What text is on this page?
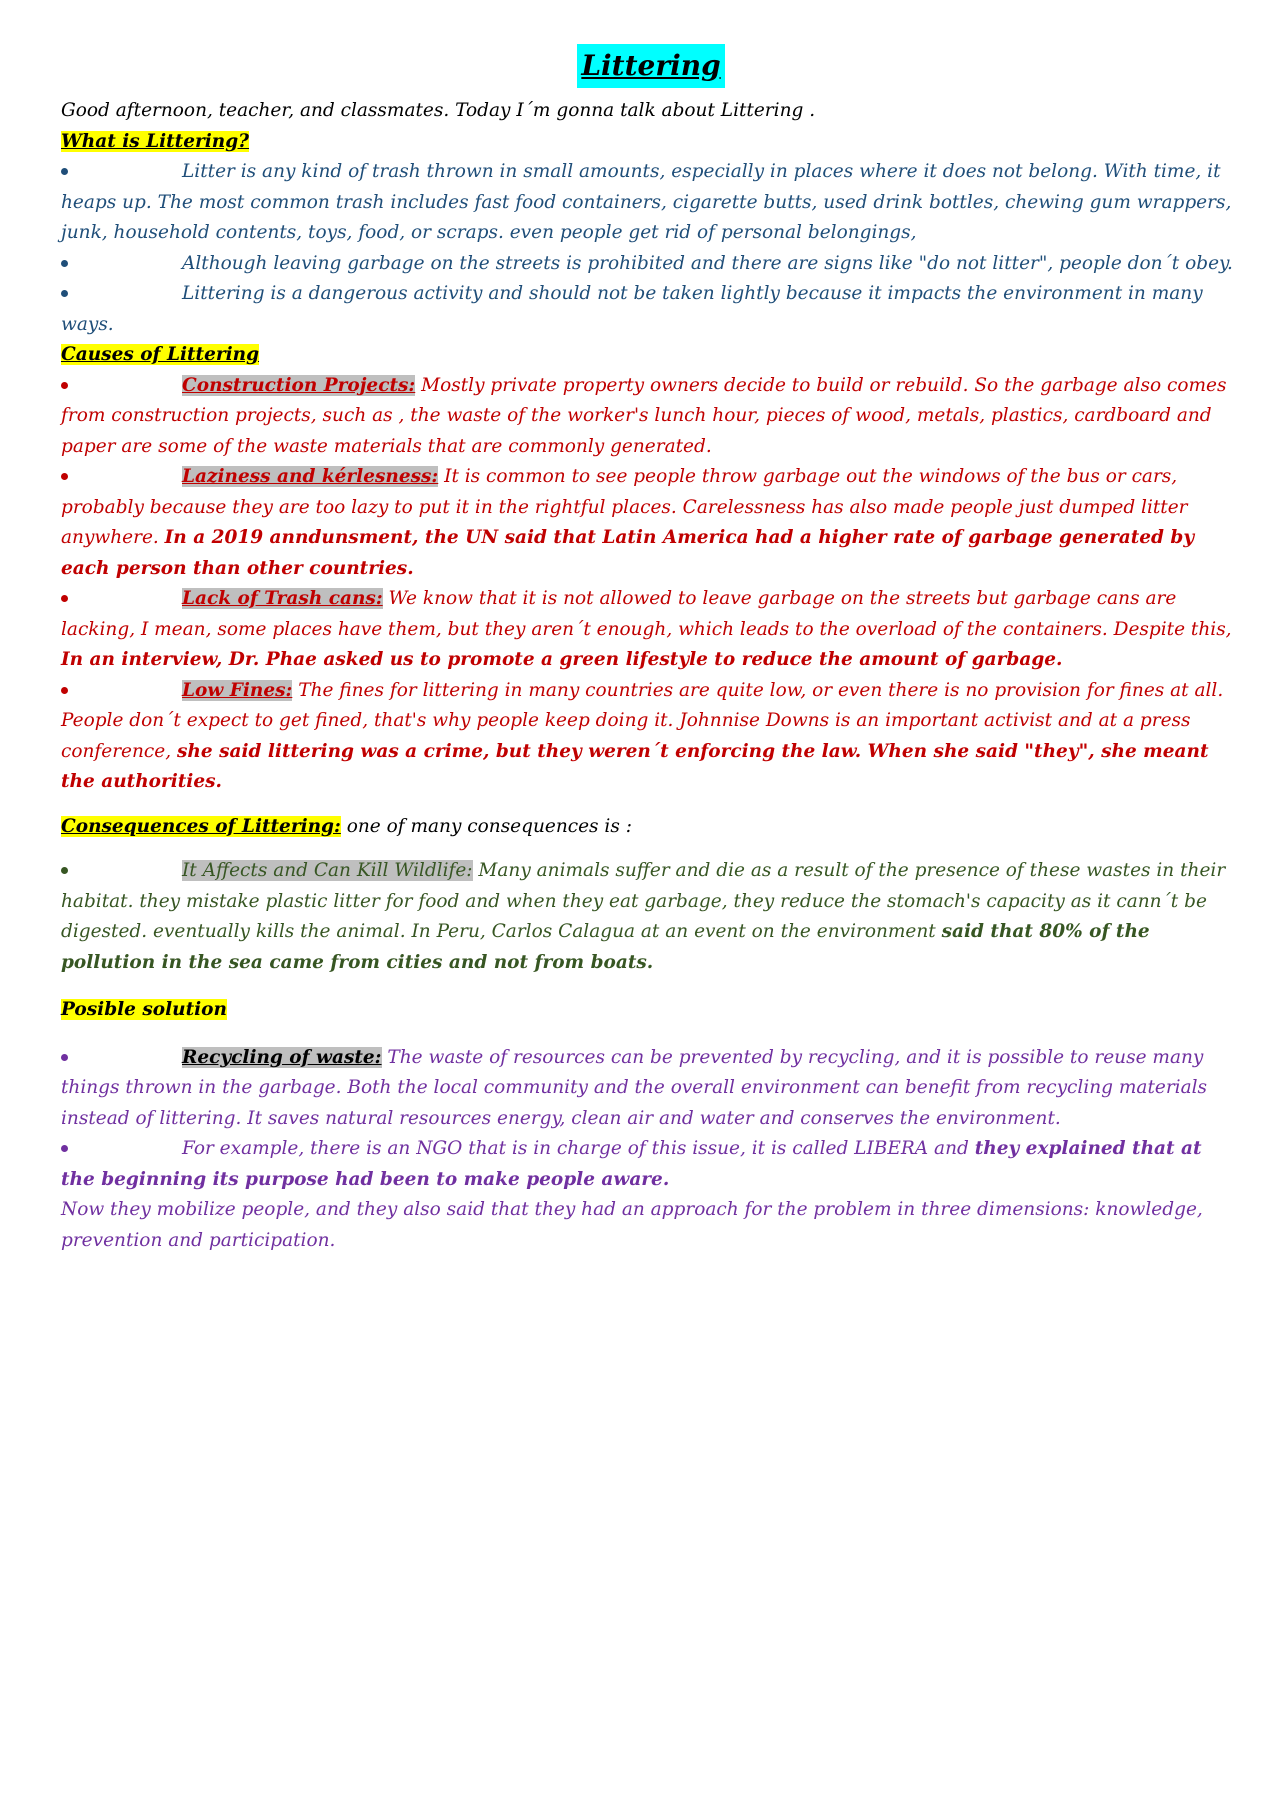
Littering

Good afternoon, teacher, and classmates. Today I´m gonna talk about Littering .

What is Littering?

Litter is any kind of trash thrown in small amounts, especially in places where it does not belong. With time, it heaps up. The most common trash includes fast food containers, cigarette butts, used drink bottles, chewing gum wrappers, junk, household contents, toys, food, or scraps. even people get rid of personal belongings,

Although leaving garbage on the streets is prohibited and there are signs like "do not litter", people don´t obey.

Littering is a dangerous activity and should not be taken lightly because it impacts the environment in many ways.

Causes of Littering

Construction Projects: Mostly private property owners decide to build or rebuild. So the garbage also comes from construction projects, such as , the waste of the worker's lunch hour, pieces of wood, metals, plastics, cardboard and paper are some of the waste materials that are commonly generated.

Laziness and kérlesness: It is common to see people throw garbage out the windows of the bus or cars, probably because they are too lazy to put it in the rightful places. Carelessness has also made people just dumped litter anywhere. In a 2019 anndunsment, the UN said that Latin America had a higher rate of garbage generated by each person than other countries.

Lack of Trash cans: We know that it is not allowed to leave garbage on the streets but garbage cans are lacking, I mean, some places have them, but they aren´t enough, which leads to the overload of the containers. Despite this, In an interview, Dr. Phae asked us to promote a green lifestyle to reduce the amount of garbage.

Low Fines: The fines for littering in many countries are quite low, or even there is no provision for fines at all. People don´t expect to get fined, that's why people keep doing it. Johnnise Downs is an important activist and at a press conference, she said littering was a crime, but they weren´t enforcing the law. When she said "they", she meant the authorities.

Consequences of Littering: one of many consequences is :

It Affects and Can Kill Wildlife: Many animals suffer and die as a result of the presence of these wastes in their habitat. they mistake plastic litter for food and when they eat garbage, they reduce the stomach's capacity as it cann´t be digested. eventually kills the animal. In Peru, Carlos Calagua at an event on the environment said that 80% of the pollution in the sea came from cities and not from boats.

Posible solution

Recycling of waste: The waste of resources can be prevented by recycling, and it is possible to reuse many things thrown in the garbage. Both the local community and the overall environment can benefit from recycling materials instead of littering. It saves natural resources energy, clean air and water and conserves the environment.

For example, there is an NGO that is in charge of this issue, it is called LIBERA and they explained that at the beginning its purpose had been to make people aware.

Now they mobilize people, and they also said that they had an approach for the problem in three dimensions: knowledge, prevention and participation.
